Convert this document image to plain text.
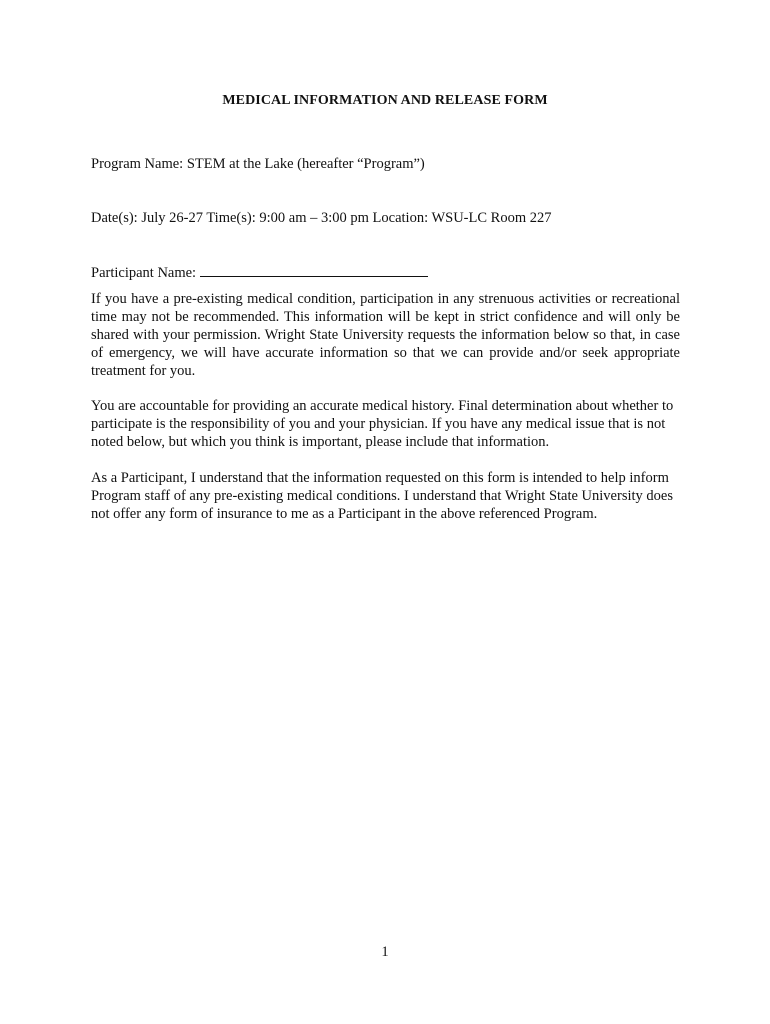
MEDICAL INFORMATION AND RELEASE FORM
Program Name: STEM at the Lake (hereafter “Program”)
Date(s): July 26-27 Time(s): 9:00 am – 3:00 pm Location: WSU-LC Room 227
Participant Name:

If you have a pre-existing medical condition, participation in any strenuous activities or recreational time may not be recommended. This information will be kept in strict confidence and will only be shared with your permission. Wright State University requests the information below so that, in case of emergency, we will have accurate information so that we can provide and/or seek appropriate treatment for you.

You are accountable for providing an accurate medical history. Final determination about whether to participate is the responsibility of you and your physician. If you have any medical issue that is not noted below, but which you think is important, please include that information.

As a Participant, I understand that the information requested on this form is intended to help inform Program staff of any pre-existing medical conditions. I understand that Wright State University does not offer any form of insurance to me as a Participant in the above referenced Program.

1
